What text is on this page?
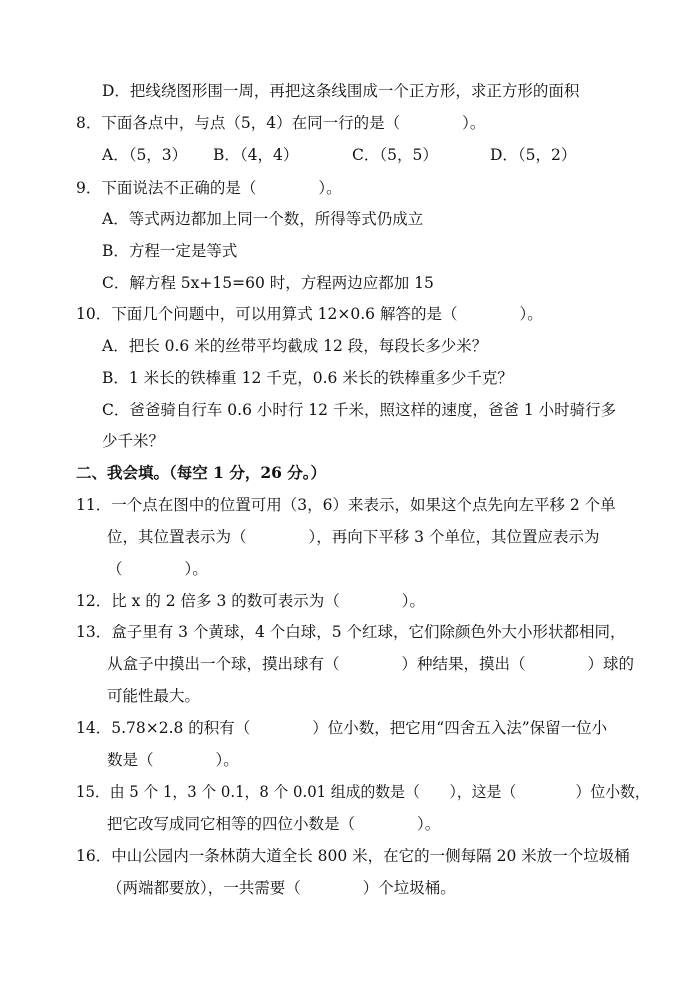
D．把线绕图形围一周，再把这条线围成一个正方形，求正方形的面积
8．下面各点中，与点（5，4）在同一行的是（　　　　）。
A．（5，3） B．（4，4）	C．（5，5）	D．（5，2）
9．下面说法不正确的是（　　　　）。
A．等式两边都加上同一个数，所得等式仍成立
B．方程一定是等式
C．解方程 5x+15=60 时，方程两边应都加 15
10．下面几个问题中，可以用算式 12×0.6 解答的是（　　　　）。
A．把长 0.6 米的丝带平均截成 12 段，每段长多少米？
B．1 米长的铁棒重 12 千克，0.6 米长的铁棒重多少千克？
C．爸爸骑自行车 0.6 小时行 12 千米，照这样的速度，爸爸 1 小时骑行多
少千米？
二、我会填。（每空 1 分，26 分。）
11．一个点在图中的位置可用（3，6）来表示，如果这个点先向左平移 2 个单
位，其位置表示为（　　　　），再向下平移 3 个单位，其位置应表示为
（　　　　）。
12．比 x 的 2 倍多 3 的数可表示为（　　　　）。
13．盒子里有 3 个黄球，4 个白球，5 个红球，它们除颜色外大小形状都相同，
从盒子中摸出一个球，摸出球有（　　　　）种结果，摸出（　　　　）球的
可能性最大。
14．5.78×2.8 的积有（　　　　）位小数，把它用“四舍五入法”保留一位小
数是（　　　　）。
15．由 5 个 1，3 个 0.1，8 个 0.01 组成的数是（　　），这是（　　　　）位小数，
把它改写成同它相等的四位小数是（　　　　）。
16．中山公园内一条林荫大道全长 800 米，在它的一侧每隔 20 米放一个垃圾桶
（两端都要放），一共需要（　　　　）个垃圾桶。
